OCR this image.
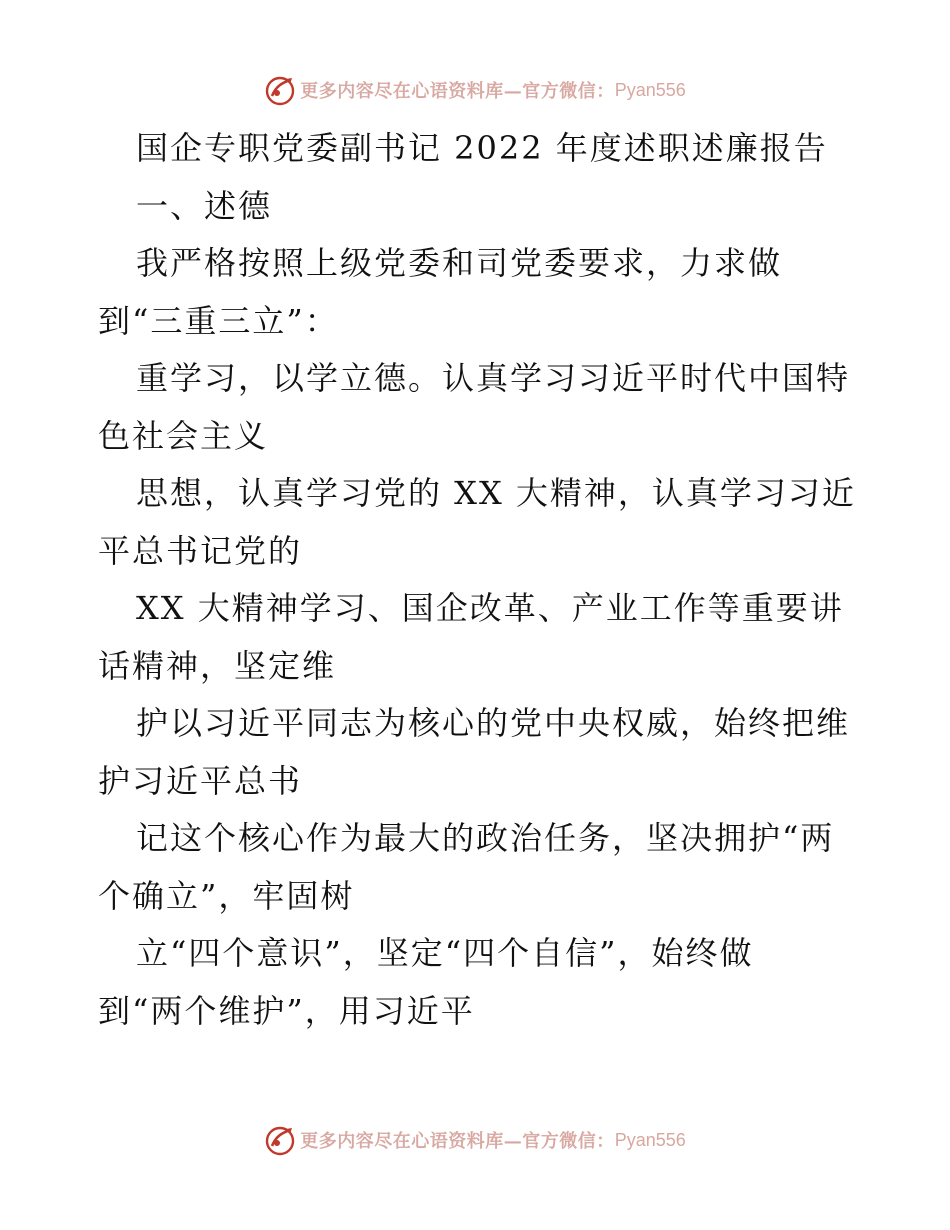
更多内容尽在心语资料库—官方微信： Pyan556
国企专职党委副书记 2022 年度述职述廉报告
一、述德
我严格按照上级党委和司党委要求，力求做
到“三重三立”：
重学习，以学立德。认真学习习近平时代中国特
色社会主义
思想，认真学习党的 XX 大精神，认真学习习近
平总书记党的
XX 大精神学习、国企改革、产业工作等重要讲
话精神，坚定维
护以习近平同志为核心的党中央权威，始终把维
护习近平总书
记这个核心作为最大的政治任务，坚决拥护“两
个确立”，牢固树
立“四个意识”，坚定“四个自信”，始终做
到“两个维护”，用习近平
更多内容尽在心语资料库—官方微信： Pyan556
